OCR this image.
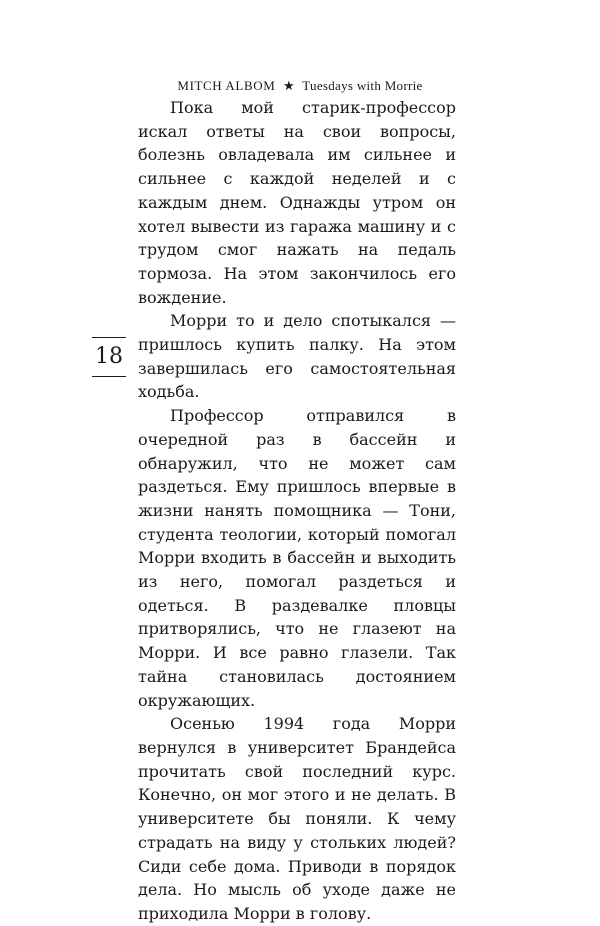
MITCH ALBOM ★ Tuesdays with Morrie
18

Пока мой старик-профессор искал ответы на свои вопросы, болезнь овладевала им сильнее и сильнее с каждой неделей и с каждым днем. Однажды утром он хотел вывести из гаража машину и с трудом смог нажать на педаль тормоза. На этом закончилось его вождение.

Морри то и дело спотыкался — пришлось купить палку. На этом завершилась его самостоятельная ходьба.

Профессор отправился в очередной раз в бассейн и обнаружил, что не может сам раздеться. Ему пришлось впервые в жизни нанять помощника — Тони, студента теологии, который помогал Морри входить в бассейн и выходить из него, помогал раздеться и одеться. В раздевалке пловцы притворялись, что не глазеют на Морри. И все равно глазели. Так тайна становилась достоянием окружающих.

Осенью 1994 года Морри вернулся в университет Брандейса прочитать свой последний курс. Конечно, он мог этого и не делать. В университете бы поняли. К чему страдать на виду у стольких людей? Сиди себе дома. Приводи в порядок дела. Но мысль об уходе даже не приходила Морри в голову.
